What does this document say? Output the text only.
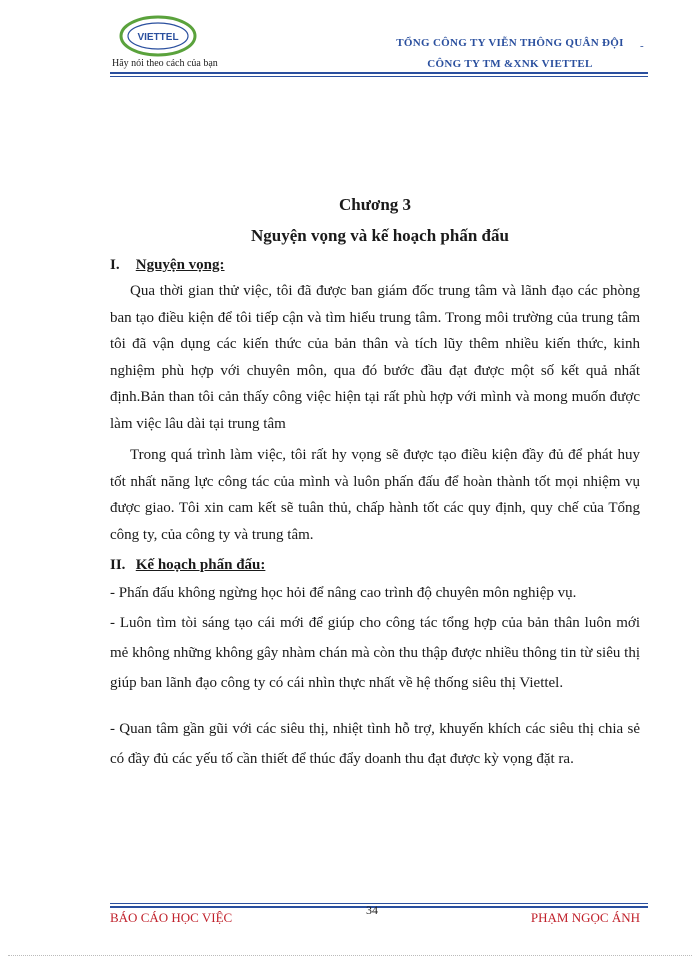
VIETTEL
Hãy nói theo cách của bạn
TỔNG CÔNG TY VIỄN THÔNG QUÂN ĐỘI
CÔNG TY TM &XNK VIETTEL
-
Chương 3
Nguyện vọng và kế hoạch phấn đấu
I. Nguyện vọng:
Qua thời gian thử việc, tôi đã được ban giám đốc trung tâm và lãnh đạo các phòng ban tạo điều kiện để tôi tiếp cận và tìm hiểu trung tâm. Trong môi trường của trung tâm tôi đã vận dụng các kiến thức của bản thân và tích lũy thêm nhiều kiến thức, kinh nghiệm phù hợp với chuyên môn, qua đó bước đầu đạt được một số kết quả nhất định.Bản than tôi cản thấy công việc hiện tại rất phù hợp với mình và mong muốn được làm việc lâu dài tại trung tâm
Trong quá trình làm việc, tôi rất hy vọng sẽ được tạo điều kiện đầy đủ để phát huy tốt nhất năng lực công tác của mình và luôn phấn đấu để hoàn thành tốt mọi nhiệm vụ được giao. Tôi xin cam kết sẽ tuân thủ, chấp hành tốt các quy định, quy chế của Tổng công ty, của công ty và trung tâm.
II. Kế hoạch phấn đấu:
- Phấn đấu không ngừng học hỏi để nâng cao trình độ chuyên môn nghiệp vụ.
- Luôn tìm tòi sáng tạo cái mới để giúp cho công tác tổng hợp của bản thân luôn mới mẻ không những không gây nhàm chán mà còn thu thập được nhiều thông tin từ siêu thị giúp ban lãnh đạo công ty có cái nhìn thực nhất về hệ thống siêu thị Viettel.
- Quan tâm gần gũi với các siêu thị, nhiệt tình hỗ trợ, khuyến khích các siêu thị chia sẻ có đầy đủ các yếu tố cần thiết để thúc đẩy doanh thu đạt được kỳ vọng đặt ra.
BÁO CÁO HỌC VIỆC	34	PHẠM NGỌC ÁNH
